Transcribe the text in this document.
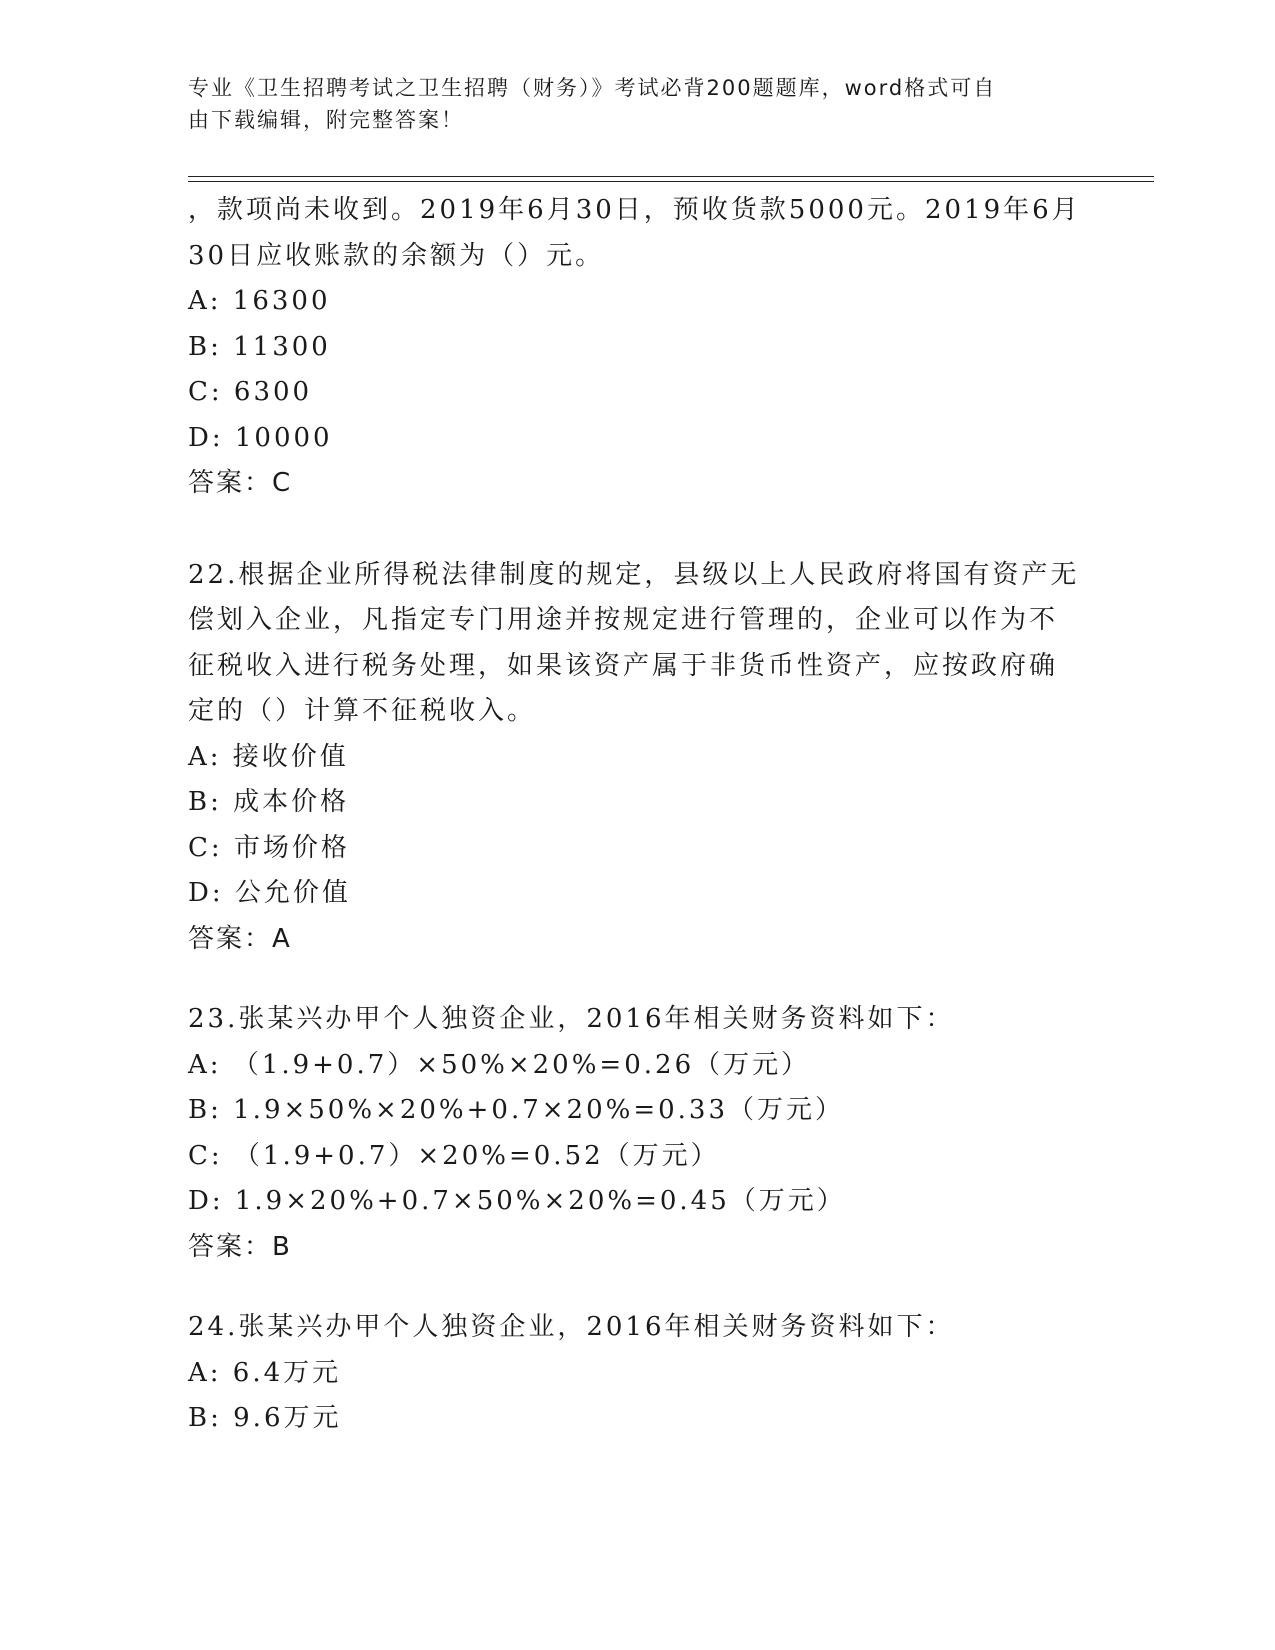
专业《卫生招聘考试之卫生招聘（财务）》考试必背200题题库，word格式可自
由下载编辑，附完整答案！
，款项尚未收到。2019年6月30日，预收货款5000元。2019年6月
30日应收账款的余额为（）元。
A: 16300
B: 11300
C: 6300
D: 10000
答案：C
22.根据企业所得税法律制度的规定，县级以上人民政府将国有资产无
偿划入企业，凡指定专门用途并按规定进行管理的，企业可以作为不
征税收入进行税务处理，如果该资产属于非货币性资产，应按政府确
定的（）计算不征税收入。
A: 接收价值
B: 成本价格
C: 市场价格
D: 公允价值
答案：A
23.张某兴办甲个人独资企业，2016年相关财务资料如下：
A: （1.9+0.7）×50%×20%=0.26（万元）
B: 1.9×50%×20%+0.7×20%=0.33（万元）
C: （1.9+0.7）×20%=0.52（万元）
D: 1.9×20%+0.7×50%×20%=0.45（万元）
答案：B
24.张某兴办甲个人独资企业，2016年相关财务资料如下：
A: 6.4万元
B: 9.6万元
